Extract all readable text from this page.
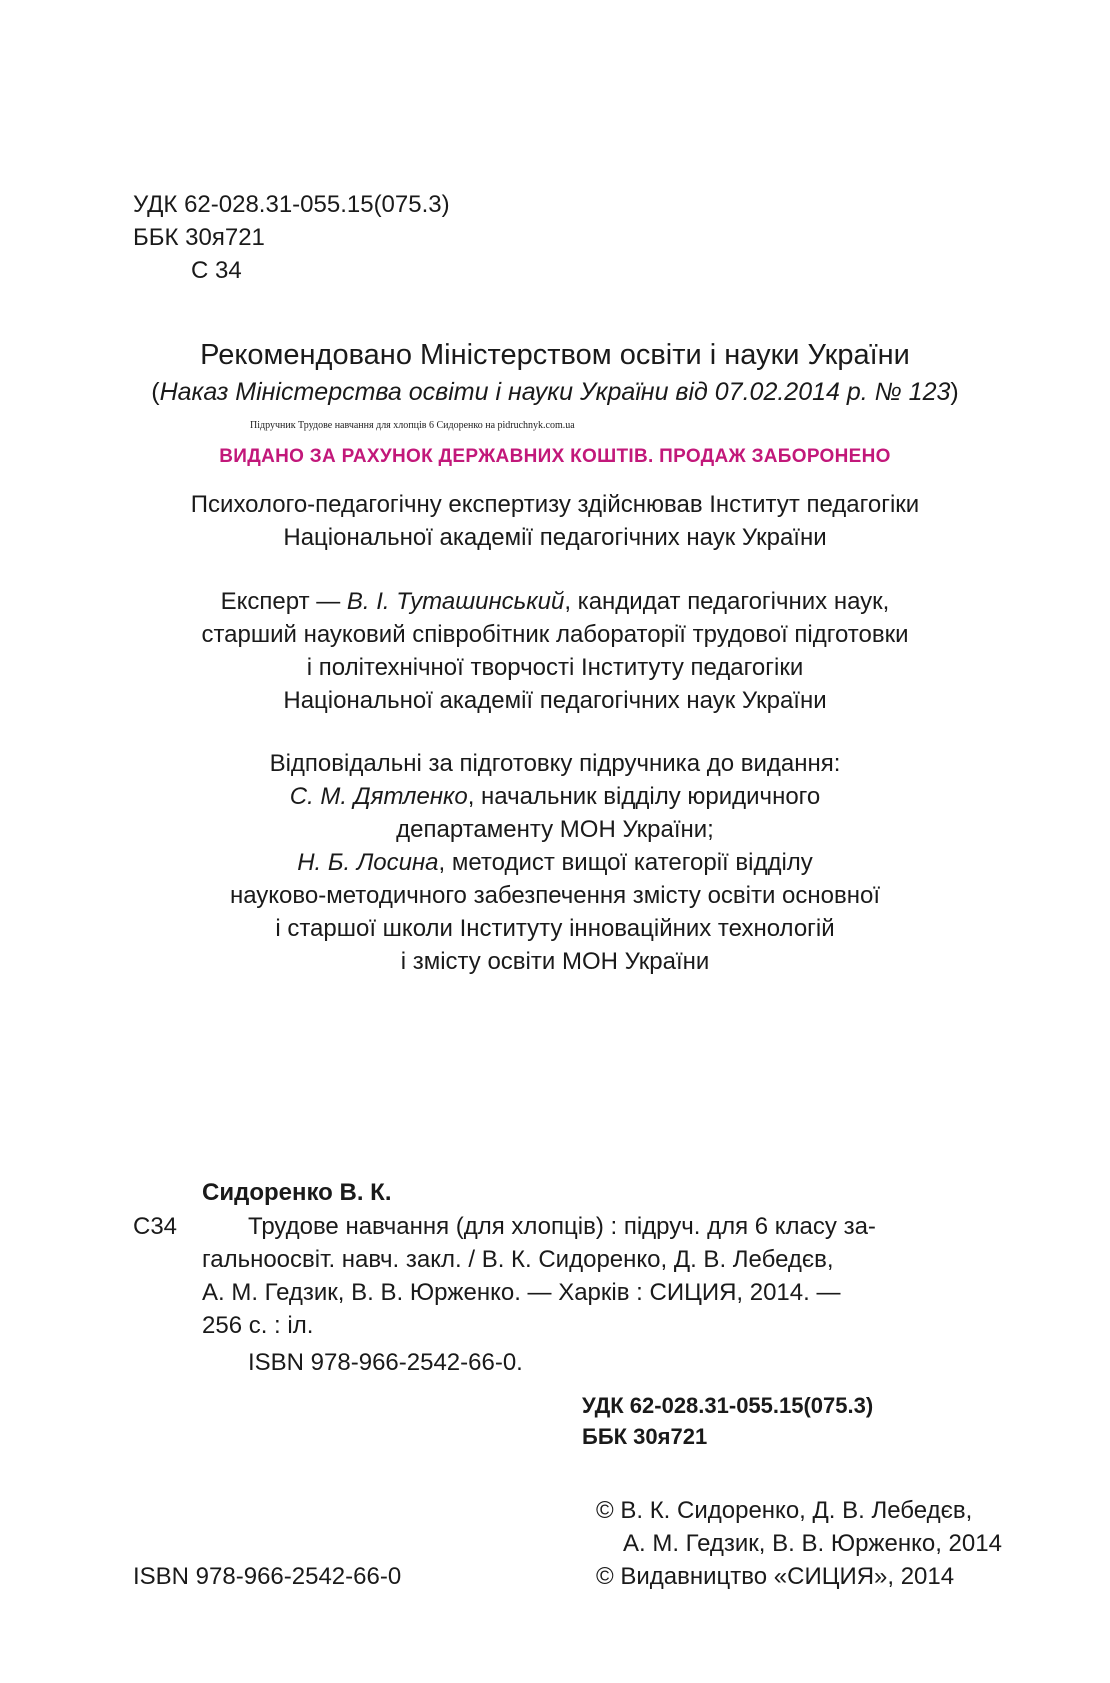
УДК 62-028.31-055.15(075.3)
ББК 30я721
С 34
Рекомендовано Міністерством освіти і науки України
(Наказ Міністерства освіти і науки України від 07.02.2014 р. № 123)
Підручник Трудове навчання для хлопців 6 Сидоренко на pidruchnyk.com.ua
ВИДАНО ЗА РАХУНОК ДЕРЖАВНИХ КОШТІВ. ПРОДАЖ ЗАБОРОНЕНО
Психолого-педагогічну експертизу здійснював Інститут педагогіки
Національної академії педагогічних наук України
Експерт — В. І. Туташинський, кандидат педагогічних наук,
старший науковий співробітник лабораторії трудової підготовки
і політехнічної творчості Інституту педагогіки
Національної академії педагогічних наук України
Відповідальні за підготовку підручника до видання:
С. М. Дятленко, начальник відділу юридичного
департаменту МОН України;
Н. Б. Лосина, методист вищої категорії відділу
науково-методичного забезпечення змісту освіти основної
і старшої школи Інституту інноваційних технологій
і змісту освіти МОН України
Сидоренко В. К.
С34	Трудове навчання (для хлопців) : підруч. для 6 класу за-
гальноосвіт. навч. закл. / В. К. Сидоренко, Д. В. Лебедєв,
А. М. Гедзик, В. В. Юрженко. — Харків : СИЦИЯ, 2014. —
256 с. : іл.
ISBN 978-966-2542-66-0.
УДК 62-028.31-055.15(075.3)
ББК 30я721
© В. К. Сидоренко, Д. В. Лебедєв,
А. М. Гедзик, В. В. Юрженко, 2014
ISBN 978-966-2542-66-0	© Видавництво «СИЦИЯ», 2014
